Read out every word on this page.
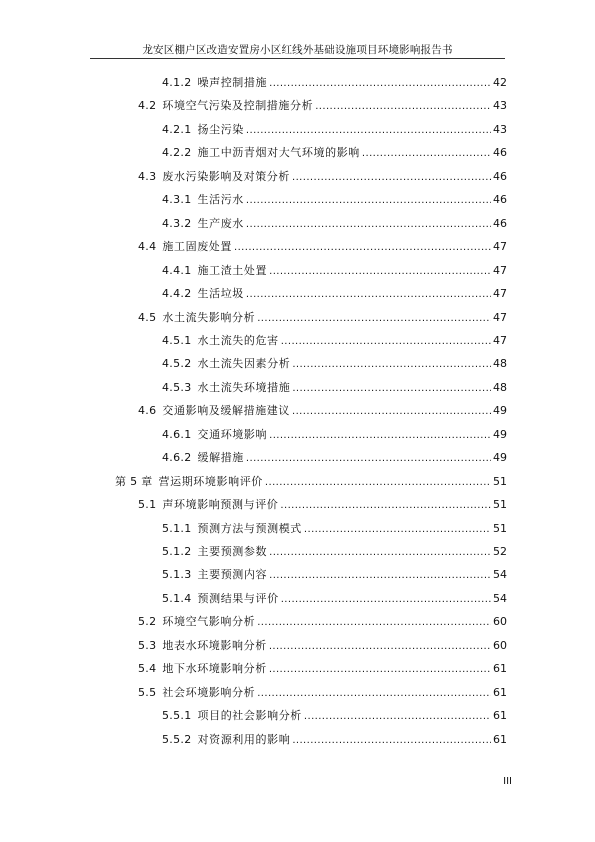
龙安区棚户区改造安置房小区红线外基础设施项目环境影响报告书
4.1.2 噪声控制措施 .....	42
4.2 环境空气污染及控制措施分析 .....	43
4.2.1 扬尘污染 .....	43
4.2.2 施工中沥青烟对大气环境的影响 .....	46
4.3 废水污染影响及对策分析 .....	46
4.3.1 生活污水 .....	46
4.3.2 生产废水 .....	46
4.4 施工固废处置 .....	47
4.4.1 施工渣土处置 .....	47
4.4.2 生活垃圾 .....	47
4.5 水土流失影响分析 .....	47
4.5.1 水土流失的危害 .....	47
4.5.2 水土流失因素分析 .....	48
4.5.3 水土流失环境措施 .....	48
4.6 交通影响及缓解措施建议 .....	49
4.6.1 交通环境影响 .....	49
4.6.2 缓解措施 .....	49
第 5 章 营运期环境影响评价 .....	51
5.1 声环境影响预测与评价 .....	51
5.1.1 预测方法与预测模式 .....	51
5.1.2 主要预测参数 .....	52
5.1.3 主要预测内容 .....	54
5.1.4 预测结果与评价 .....	54
5.2 环境空气影响分析 .....	60
5.3 地表水环境影响分析 .....	60
5.4 地下水环境影响分析 .....	61
5.5 社会环境影响分析 .....	61
5.5.1 项目的社会影响分析 .....	61
5.5.2 对资源利用的影响 .....	61
III
